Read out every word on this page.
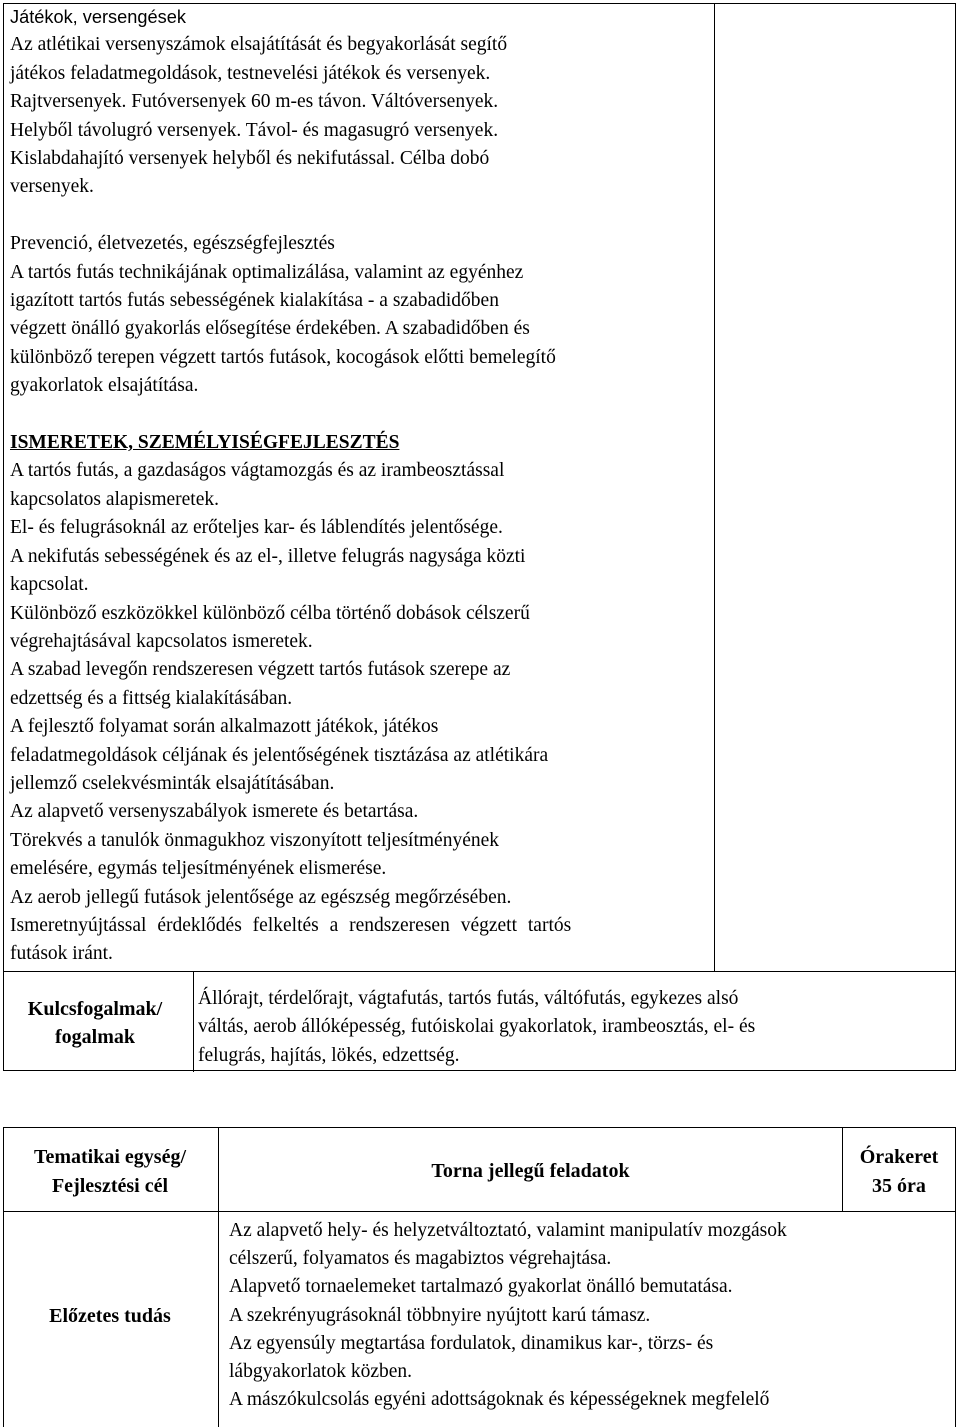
Játékok, versengések

Az atlétikai versenyszámok elsajátítását és begyakorlását segítő

játékos feladatmegoldások, testnevelési játékok és versenyek.

Rajtversenyek. Futóversenyek 60 m-es távon. Váltóversenyek.

Helyből távolugró versenyek. Távol- és magasugró versenyek.

Kislabdahajító versenyek helyből és nekifutással. Célba dobó

versenyek.

Prevenció, életvezetés, egészségfejlesztés

A tartós futás technikájának optimalizálása, valamint az egyénhez

igazított tartós futás sebességének kialakítása - a szabadidőben

végzett önálló gyakorlás elősegítése érdekében. A szabadidőben és

különböző terepen végzett tartós futások, kocogások előtti bemelegítő

gyakorlatok elsajátítása.

ISMERETEK, SZEMÉLYISÉGFEJLESZTÉS

A tartós futás, a gazdaságos vágtamozgás és az irambeosztással

kapcsolatos alapismeretek.

El- és felugrásoknál az erőteljes kar- és láblendítés jelentősége.

A nekifutás sebességének és az el-, illetve felugrás nagysága közti

kapcsolat.

Különböző eszközökkel különböző célba történő dobások célszerű

végrehajtásával kapcsolatos ismeretek.

A szabad levegőn rendszeresen végzett tartós futások szerepe az

edzettség és a fittség kialakításában.

A fejlesztő folyamat során alkalmazott játékok, játékos

feladatmegoldások céljának és jelentőségének tisztázása az atlétikára

jellemző cselekvésminták elsajátításában.

Az alapvető versenyszabályok ismerete és betartása.

Törekvés a tanulók önmagukhoz viszonyított teljesítményének

emelésére, egymás teljesítményének elismerése.

Az aerob jellegű futások jelentősége az egészség megőrzésében.

Ismeretnyújtással érdeklődés felkeltés a rendszeresen végzett tartós

futások iránt.

Kulcsfogalmak/
fogalmak
Állórajt, térdelőrajt, vágtafutás, tartós futás, váltófutás, egykezes alsó
váltás, aerob állóképesség, futóiskolai gyakorlatok, irambeosztás, el- és
felugrás, hajítás, lökés, edzettség.
Tematikai egység/
Fejlesztési cél
Torna jellegű feladatok
Órakeret
35 óra
Előzetes tudás

Az alapvető hely- és helyzetváltoztató, valamint manipulatív mozgások

célszerű, folyamatos és magabiztos végrehajtása.

Alapvető tornaelemeket tartalmazó gyakorlat önálló bemutatása.

A szekrényugrásoknál többnyire nyújtott karú támasz.

Az egyensúly megtartása fordulatok, dinamikus kar-, törzs- és

lábgyakorlatok közben.

A mászókulcsolás egyéni adottságoknak és képességeknek megfelelő
